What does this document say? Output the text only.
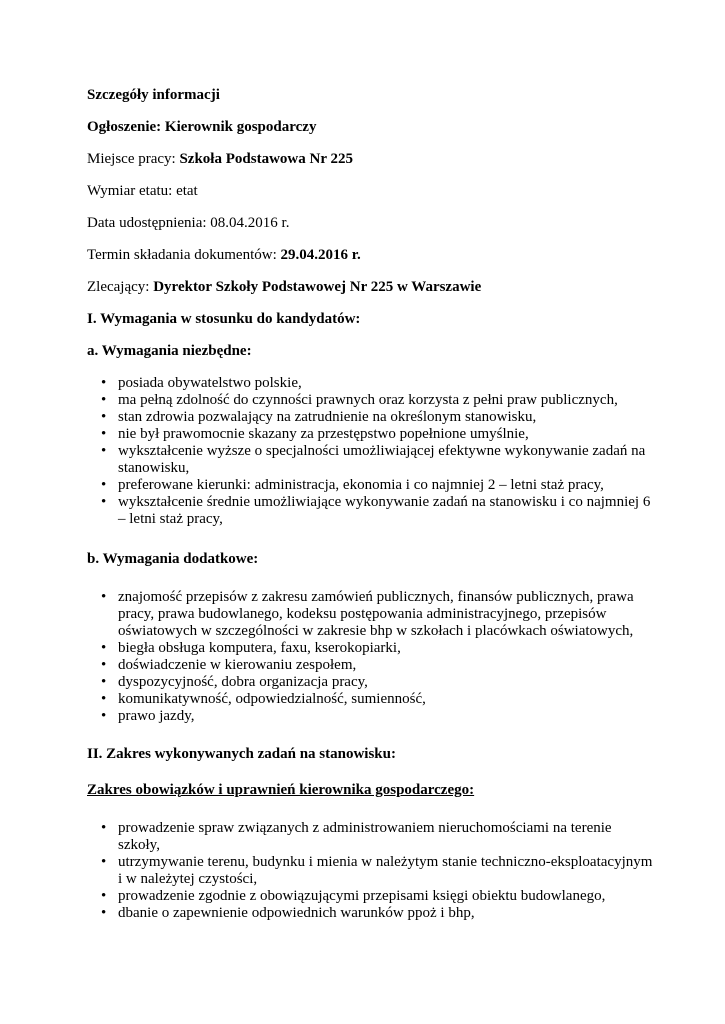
Szczegóły informacji

Ogłoszenie: Kierownik gospodarczy

Miejsce pracy: Szkoła Podstawowa Nr 225

Wymiar etatu: etat

Data udostępnienia: 08.04.2016 r.

Termin składania dokumentów: 29.04.2016 r.

Zlecający: Dyrektor Szkoły Podstawowej Nr 225 w Warszawie

I. Wymagania w stosunku do kandydatów:

a. Wymagania niezbędne:

• posiada obywatelstwo polskie,
• ma pełną zdolność do czynności prawnych oraz korzysta z pełni praw publicznych,
• stan zdrowia pozwalający na zatrudnienie na określonym stanowisku,
• nie był prawomocnie skazany za przestępstwo popełnione umyślnie,
• wykształcenie wyższe o specjalności umożliwiającej efektywne wykonywanie zadań na stanowisku,
• preferowane kierunki: administracja, ekonomia i co najmniej 2 – letni staż pracy,
• wykształcenie średnie umożliwiające wykonywanie zadań na stanowisku i co najmniej 6 – letni staż pracy,

b. Wymagania dodatkowe:

• znajomość przepisów z zakresu zamówień publicznych, finansów publicznych, prawa pracy, prawa budowlanego, kodeksu postępowania administracyjnego, przepisów oświatowych w szczególności w zakresie bhp w szkołach i placówkach oświatowych,
• biegła obsługa komputera, faxu, kserokopiarki,
• doświadczenie w kierowaniu zespołem,
• dyspozycyjność, dobra organizacja pracy,
• komunikatywność, odpowiedzialność, sumienność,
• prawo jazdy,

II. Zakres wykonywanych zadań na stanowisku:

Zakres obowiązków i uprawnień kierownika gospodarczego:

• prowadzenie spraw związanych z administrowaniem nieruchomościami na terenie szkoły,
• utrzymywanie terenu, budynku i mienia w należytym stanie techniczno-eksploatacyjnym i w należytej czystości,
• prowadzenie zgodnie z obowiązującymi przepisami księgi obiektu budowlanego,
• dbanie o zapewnienie odpowiednich warunków ppoż i bhp,
